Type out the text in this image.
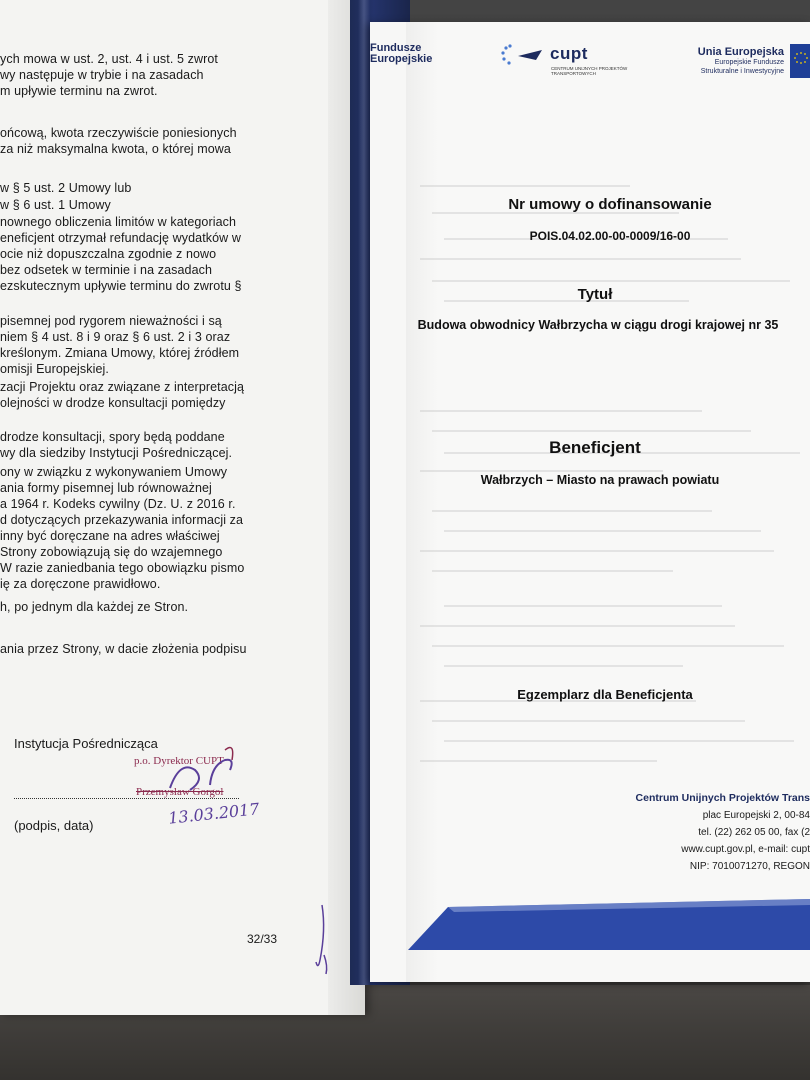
ych mowa w ust. 2, ust. 4 i ust. 5 zwrot
wy następuje w trybie i na zasadach
m upływie terminu na zwrot.
ońcową, kwota rzeczywiście poniesionych
za niż maksymalna kwota, o której mowa
w § 5 ust. 2 Umowy lub
w § 6 ust. 1 Umowy
nownego obliczenia limitów w kategoriach
eneficjent otrzymał refundację wydatków w
ocie niż dopuszczalna zgodnie z nowo
bez odsetek w terminie i na zasadach
ezskutecznym upływie terminu do zwrotu §
pisemnej pod rygorem nieważności i są
niem § 4 ust. 8 i 9 oraz § 6 ust. 2 i 3 oraz
kreślonym. Zmiana Umowy, której źródłem
omisji Europejskiej.
zacji Projektu oraz związane z interpretacją
olejności w drodze konsultacji pomiędzy
drodze konsultacji, spory będą poddane
wy dla siedziby Instytucji Pośredniczącej.
ony w związku z wykonywaniem Umowy
ania formy pisemnej lub równoważnej
a 1964 r. Kodeks cywilny (Dz. U. z 2016 r.
d dotyczących przekazywania informacji za
inny być doręczane na adres właściwej
Strony zobowiązują się do wzajemnego
W razie zaniedbania tego obowiązku pismo
ię za doręczone prawidłowo.
h, po jednym dla każdej ze Stron.
ania przez Strony, w dacie złożenia podpisu
Instytucja Pośrednicząca
p.o. Dyrektor CUPT
Przemysław Gorgol
13.03.2017
(podpis, data)
32/33
Fundusze
Europejskie	cupt
CENTRUM UNIJNYCH PROJEKTÓW TRANSPORTOWYCH
Unia Europejska
Europejskie Fundusze
Strukturalne i Inwestycyjne
Nr umowy o dofinansowanie
POIS.04.02.00-00-0009/16-00
Tytuł
Budowa obwodnicy Wałbrzycha w ciągu drogi krajowej nr 35
Beneficjent
Wałbrzych – Miasto na prawach powiatu
Egzemplarz dla Beneficjenta
Centrum Unijnych Projektów Trans
plac Europejski 2, 00-84
tel. (22) 262 05 00, fax (2
www.cupt.gov.pl, e-mail: cupt
NIP: 7010071270, REGON
